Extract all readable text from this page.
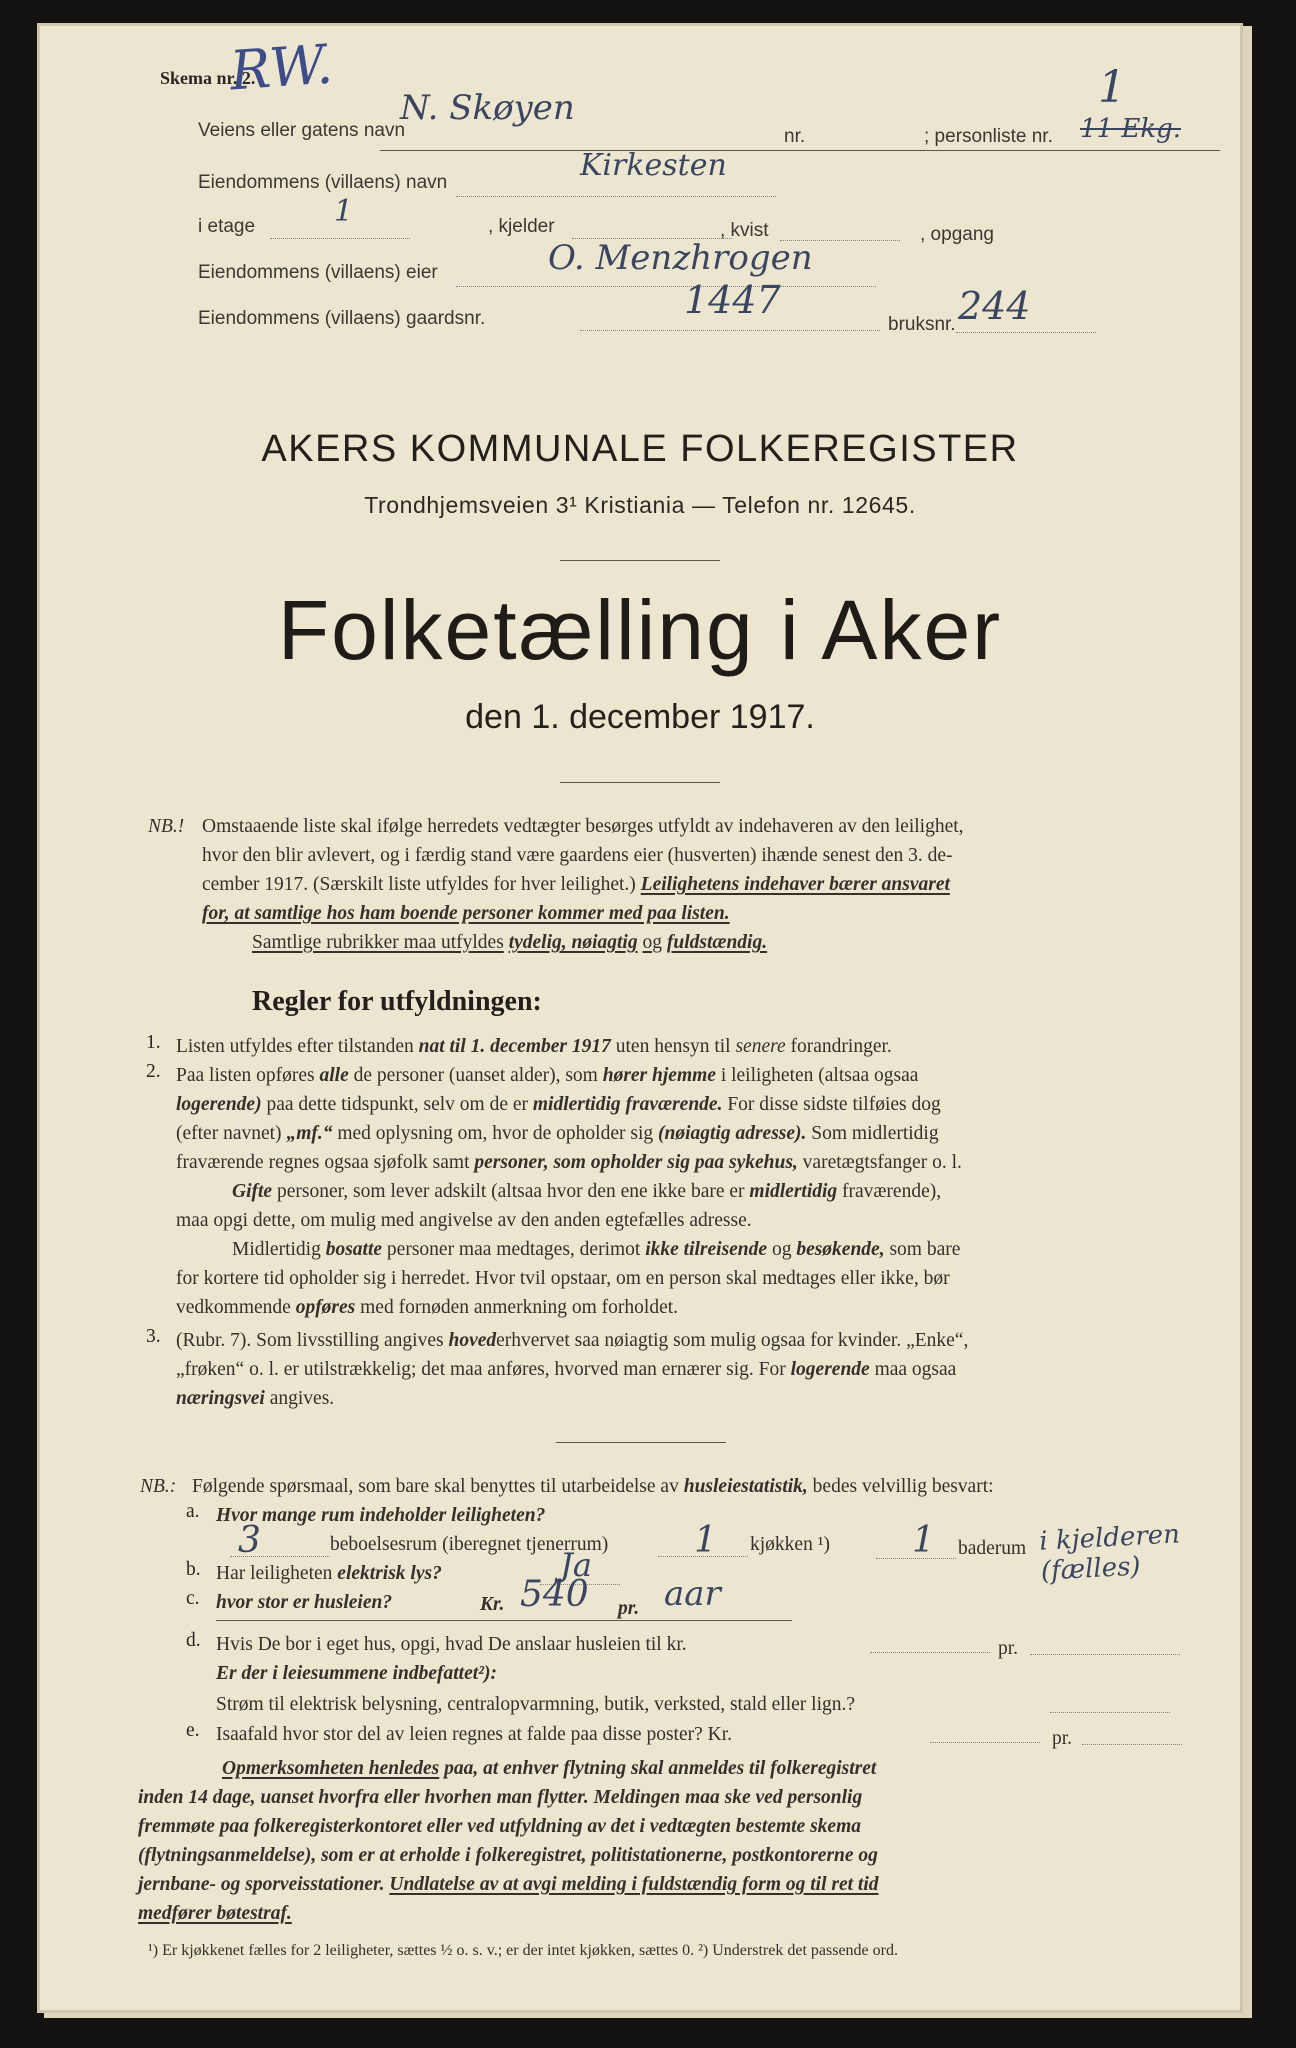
Skema nr. 2.
RW.
Veiens eller gatens navn
N. Skøyen
nr.	; personliste nr.
1
11 Ekg.
Eiendommens (villaens) navn	Kirkesten
i etage	1	, kjelder	, kvist	, opgang
Eiendommens (villaens) eier	O. Menzhrogen
Eiendommens (villaens) gaardsnr.	1447
bruksnr. 244
AKERS KOMMUNALE FOLKEREGISTER
Trondhjemsveien 3¹ Kristiania — Telefon nr. 12645.
Folketælling i Aker
den 1. december 1917.
NB.! Omstaaende liste skal ifølge herredets vedtægter besørges utfyldt av indehaveren av den leilighet,
hvor den blir avlevert, og i færdig stand være gaardens eier (husverten) ihænde senest den 3. de-
cember 1917. (Særskilt liste utfyldes for hver leilighet.) Leilighetens indehaver bærer ansvaret
for, at samtlige hos ham boende personer kommer med paa listen.
Samtlige rubrikker maa utfyldes tydelig, nøiagtig og fuldstændig.
Regler for utfyldningen:
1. Listen utfyldes efter tilstanden nat til 1. december 1917 uten hensyn til senere forandringer.
2. Paa listen opføres alle de personer (uanset alder), som hører hjemme i leiligheten (altsaa ogsaa
logerende) paa dette tidspunkt, selv om de er midlertidig fraværende. For disse sidste tilføies dog
(efter navnet) „mf.“ med oplysning om, hvor de opholder sig (nøiagtig adresse). Som midlertidig
fraværende regnes ogsaa sjøfolk samt personer, som opholder sig paa sykehus, varetægtsfanger o. l.
Gifte personer, som lever adskilt (altsaa hvor den ene ikke bare er midlertidig fraværende),
maa opgi dette, om mulig med angivelse av den anden egtefælles adresse.
Midlertidig bosatte personer maa medtages, derimot ikke tilreisende og besøkende, som bare
for kortere tid opholder sig i herredet. Hvor tvil opstaar, om en person skal medtages eller ikke, bør
vedkommende opføres med fornøden anmerkning om forholdet.
3. (Rubr. 7). Som livsstilling angives hovederhvervet saa nøiagtig som mulig ogsaa for kvinder. „Enke“,
„frøken“ o. l. er utilstrækkelig; det maa anføres, hvorved man ernærer sig. For logerende maa ogsaa
næringsvei angives.
NB.: Følgende spørsmaal, som bare skal benyttes til utarbeidelse av husleiestatistik, bedes velvillig besvart:
a. Hvor mange rum indeholder leiligheten?
3	beboelsesrum (iberegnet tjenerrum) 1 kjøkken ¹) 1 baderum i kjelderen (fælles)
b. Har leiligheten elektrisk lys?	Ja
c. hvor stor er husleien?	Kr. 540 pr. aar
d. Hvis De bor i eget hus, opgi, hvad De anslaar husleien til kr.	pr.
Er der i leiesummene indbefattet²):
Strøm til elektrisk belysning, centralopvarmning, butik, verksted, stald eller lign.?
e. Isaafald hvor stor del av leien regnes at falde paa disse poster? Kr.	pr.
Opmerksomheten henledes paa, at enhver flytning skal anmeldes til folkeregistret
inden 14 dage, uanset hvorfra eller hvorhen man flytter. Meldingen maa ske ved personlig
fremmøte paa folkeregisterkontoret eller ved utfyldning av det i vedtægten bestemte skema
(flytningsanmeldelse), som er at erholde i folkeregistret, politistationerne, postkontorerne og
jernbane- og sporveisstationer. Undlatelse av at avgi melding i fuldstændig form og til ret tid
medfører bøtestraf.
¹) Er kjøkkenet fælles for 2 leiligheter, sættes ½ o. s. v.; er der intet kjøkken, sættes 0. ²) Understrek det passende ord.
